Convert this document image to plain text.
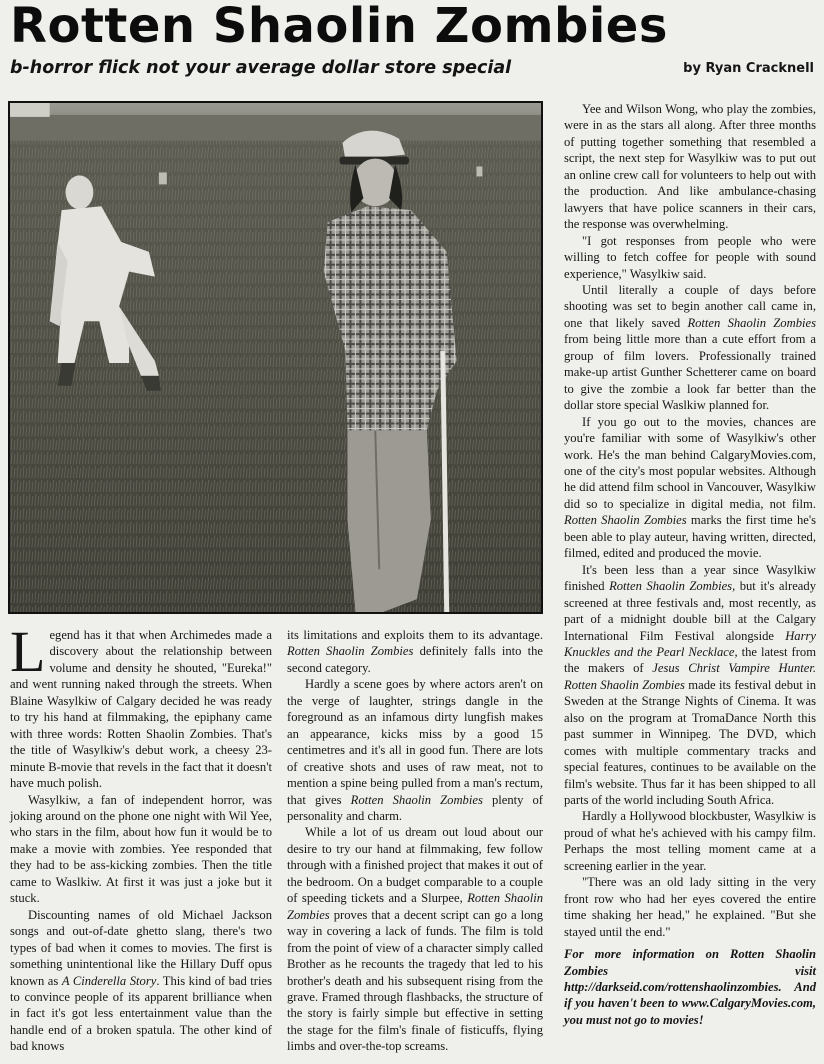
Rotten Shaolin Zombies
b-horror flick not your average dollar store special	by Ryan Cracknell

Legend has it that when Archimedes made a discovery about the relationship between volume and density he shouted, "Eureka!" and went running naked through the streets. When Blaine Wasylkiw of Calgary decided he was ready to try his hand at filmmaking, the epiphany came with three words: Rotten Shaolin Zombies. That's the title of Wasylkiw's debut work, a cheesy 23-minute B-movie that revels in the fact that it doesn't have much polish.

Wasylkiw, a fan of independent horror, was joking around on the phone one night with Wil Yee, who stars in the film, about how fun it would be to make a movie with zombies. Yee responded that they had to be ass-kicking zombies. Then the title came to Waslkiw. At first it was just a joke but it stuck.

Discounting names of old Michael Jackson songs and out-of-date ghetto slang, there's two types of bad when it comes to movies. The first is something unintentional like the Hillary Duff opus known as A Cinderella Story. This kind of bad tries to convince people of its apparent brilliance when in fact it's got less entertainment value than the handle end of a broken spatula. The other kind of bad knows

its limitations and exploits them to its advantage. Rotten Shaolin Zombies definitely falls into the second category.

Hardly a scene goes by where actors aren't on the verge of laughter, strings dangle in the foreground as an infamous dirty lungfish makes an appearance, kicks miss by a good 15 centimetres and it's all in good fun. There are lots of creative shots and uses of raw meat, not to mention a spine being pulled from a man's rectum, that gives Rotten Shaolin Zombies plenty of personality and charm.

While a lot of us dream out loud about our desire to try our hand at filmmaking, few follow through with a finished project that makes it out of the bedroom. On a budget comparable to a couple of speeding tickets and a Slurpee, Rotten Shaolin Zombies proves that a decent script can go a long way in covering a lack of funds. The film is told from the point of view of a character simply called Brother as he recounts the tragedy that led to his brother's death and his subsequent rising from the grave. Framed through flashbacks, the structure of the story is fairly simple but effective in setting the stage for the film's finale of fisticuffs, flying limbs and over-the-top screams.

Yee and Wilson Wong, who play the zombies, were in as the stars all along. After three months of putting together something that resembled a script, the next step for Wasylkiw was to put out an online crew call for volunteers to help out with the production. And like ambulance-chasing lawyers that have police scanners in their cars, the response was overwhelming.

"I got responses from people who were willing to fetch coffee for people with sound experience," Wasylkiw said.

Until literally a couple of days before shooting was set to begin another call came in, one that likely saved Rotten Shaolin Zombies from being little more than a cute effort from a group of film lovers. Professionally trained make-up artist Gunther Schetterer came on board to give the zombie a look far better than the dollar store special Waslkiw planned for.

If you go out to the movies, chances are you're familiar with some of Wasylkiw's other work. He's the man behind CalgaryMovies.com, one of the city's most popular websites. Although he did attend film school in Vancouver, Wasylkiw did so to specialize in digital media, not film. Rotten Shaolin Zombies marks the first time he's been able to play auteur, having written, directed, filmed, edited and produced the movie.

It's been less than a year since Wasylkiw finished Rotten Shaolin Zombies, but it's already screened at three festivals and, most recently, as part of a midnight double bill at the Calgary International Film Festival alongside Harry Knuckles and the Pearl Necklace, the latest from the makers of Jesus Christ Vampire Hunter. Rotten Shaolin Zombies made its festival debut in Sweden at the Strange Nights of Cinema. It was also on the program at TromaDance North this past summer in Winnipeg. The DVD, which comes with multiple commentary tracks and special features, continues to be available on the film's website. Thus far it has been shipped to all parts of the world including South Africa.

Hardly a Hollywood blockbuster, Wasylkiw is proud of what he's achieved with his campy film. Perhaps the most telling moment came at a screening earlier in the year.

"There was an old lady sitting in the very front row who had her eyes covered the entire time shaking her head," he explained. "But she stayed until the end."

For more information on Rotten Shaolin Zombies visit http://darkseid.com/rottenshaolinzombies. And if you haven't been to www.CalgaryMovies.com, you must not go to movies!
